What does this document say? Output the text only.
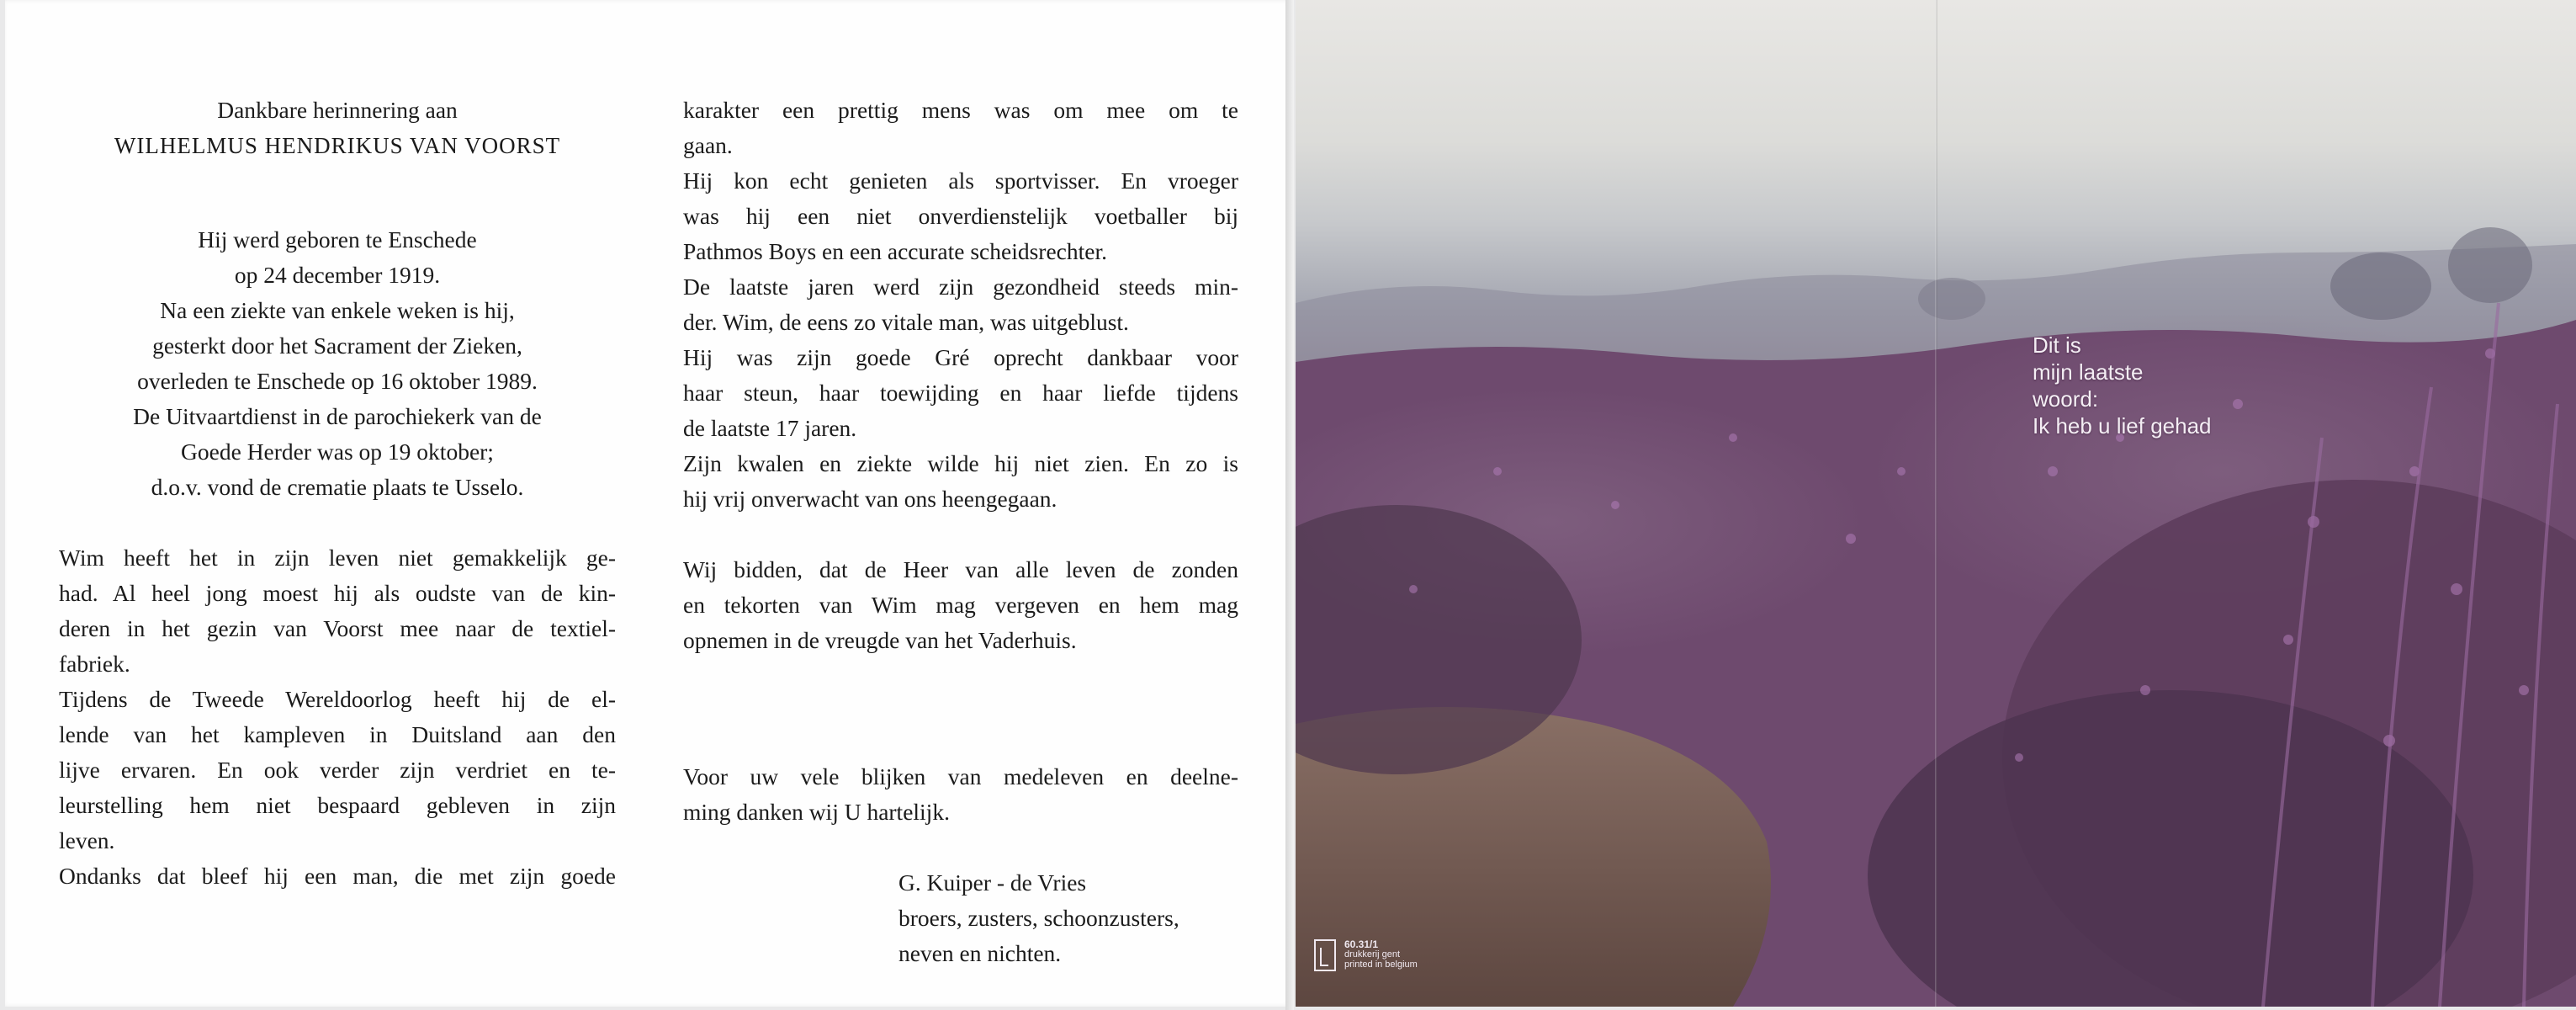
Dankbare herinnering aan

WILHELMUS HENDRIKUS VAN VOORST

Hij werd geboren te Enschede

op 24 december 1919.

Na een ziekte van enkele weken is hij,

gesterkt door het Sacrament der Zieken,

overleden te Enschede op 16 oktober 1989.

De Uitvaartdienst in de parochiekerk van de

Goede Herder was op 19 oktober;

d.o.v. vond de crematie plaats te Usselo.

Wim heeft het in zijn leven niet gemakkelijk ge-

had. Al heel jong moest hij als oudste van de kin-

deren in het gezin van Voorst mee naar de textiel-

fabriek.

Tijdens de Tweede Wereldoorlog heeft hij de el-

lende van het kampleven in Duitsland aan den

lijve ervaren. En ook verder zijn verdriet en te-

leurstelling hem niet bespaard gebleven in zijn

leven.

Ondanks dat bleef hij een man, die met zijn goede

karakter een prettig mens was om mee om te

gaan.

Hij kon echt genieten als sportvisser. En vroeger

was hij een niet onverdienstelijk voetballer bij

Pathmos Boys en een accurate scheidsrechter.

De laatste jaren werd zijn gezondheid steeds min-

der. Wim, de eens zo vitale man, was uitgeblust.

Hij was zijn goede Gré oprecht dankbaar voor

haar steun, haar toewijding en haar liefde tijdens

de laatste 17 jaren.

Zijn kwalen en ziekte wilde hij niet zien. En zo is

hij vrij onverwacht van ons heengegaan.

Wij bidden, dat de Heer van alle leven de zonden

en tekorten van Wim mag vergeven en hem mag

opnemen in de vreugde van het Vaderhuis.

Voor uw vele blijken van medeleven en deelne-

ming danken wij U hartelijk.

G. Kuiper - de Vries

broers, zusters, schoonzusters,

neven en nichten.

Dit is

mijn laatste

woord:

Ik heb u lief gehad

60.31/1
drukkerij gent
printed in belgium
